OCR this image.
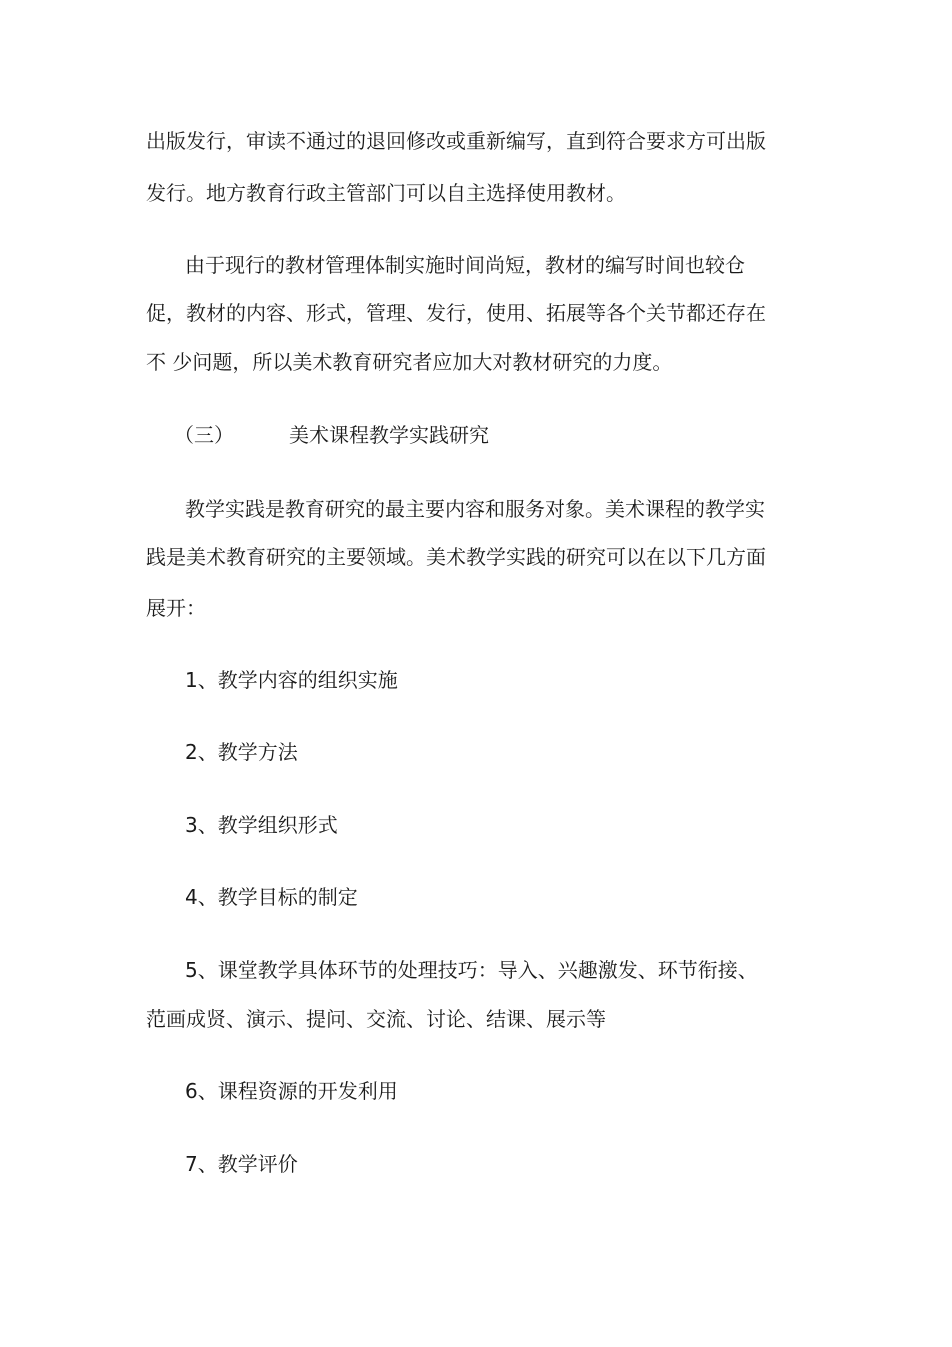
出版发行，审读不通过的退回修改或重新编写，直到符合要求方可出版
发行。地方教育行政主管部门可以自主选择使用教材。
由于现行的教材管理体制实施时间尚短，教材的编写时间也较仓
促，教材的内容、形式，管理、发行，使用、拓展等各个关节都还存在
不 少问题，所以美术教育研究者应加大对教材研究的力度。
（三）	美术课程教学实践研究
教学实践是教育研究的最主要内容和服务对象。美术课程的教学实
践是美术教育研究的主要领域。美术教学实践的研究可以在以下几方面
展开：
1、教学内容的组织实施
2、教学方法
3、教学组织形式
4、教学目标的制定
5、课堂教学具体环节的处理技巧：导入、兴趣激发、环节衔接、
范画成贤、演示、提问、交流、讨论、结课、展示等
6、课程资源的开发利用
7、教学评价
